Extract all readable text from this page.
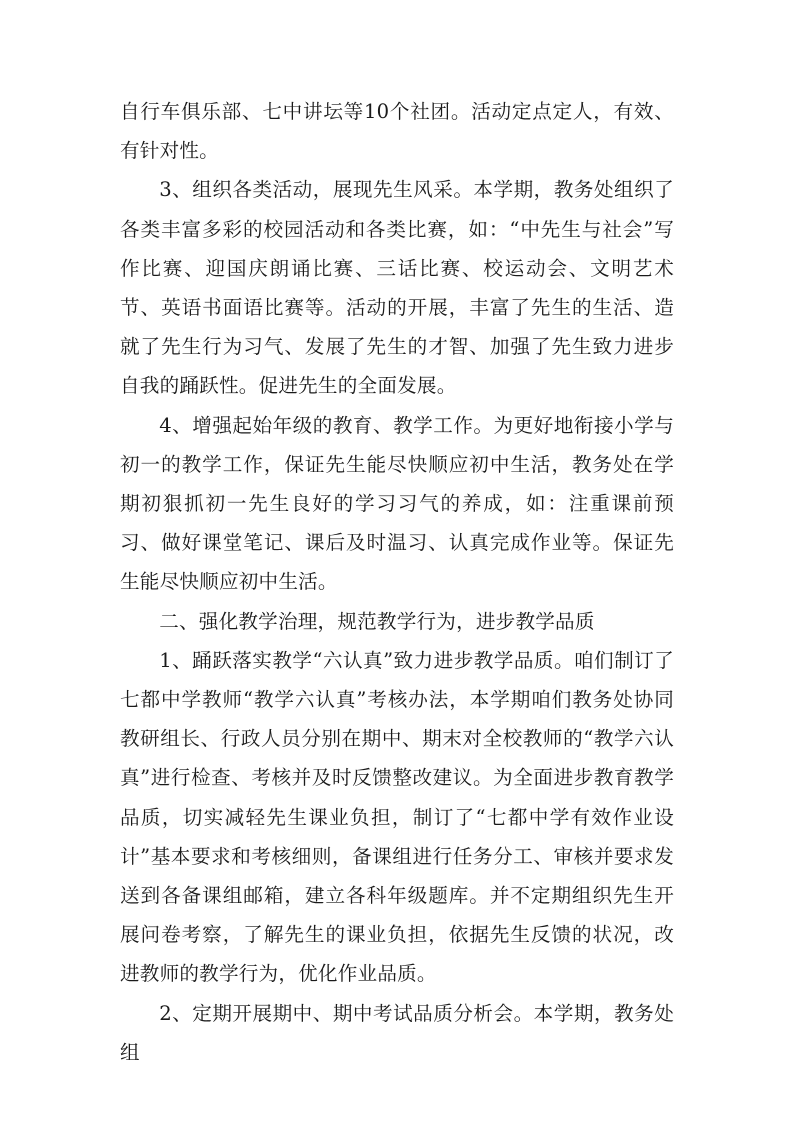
自行车俱乐部、七中讲坛等10个社团。活动定点定人，有效、有针对性。

3、组织各类活动，展现先生风采。本学期，教务处组织了各类丰富多彩的校园活动和各类比赛，如：“中先生与社会”写作比赛、迎国庆朗诵比赛、三话比赛、校运动会、文明艺术节、英语书面语比赛等。活动的开展，丰富了先生的生活、造就了先生行为习气、发展了先生的才智、加强了先生致力进步自我的踊跃性。促进先生的全面发展。

4、增强起始年级的教育、教学工作。为更好地衔接小学与初一的教学工作，保证先生能尽快顺应初中生活，教务处在学期初狠抓初一先生良好的学习习气的养成，如：注重课前预习、做好课堂笔记、课后及时温习、认真完成作业等。保证先生能尽快顺应初中生活。

二、强化教学治理，规范教学行为，进步教学品质

1、踊跃落实教学“六认真”致力进步教学品质。咱们制订了七都中学教师“教学六认真”考核办法，本学期咱们教务处协同教研组长、行政人员分别在期中、期末对全校教师的“教学六认真”进行检查、考核并及时反馈整改建议。为全面进步教育教学品质，切实减轻先生课业负担，制订了“七都中学有效作业设计”基本要求和考核细则，备课组进行任务分工、审核并要求发送到各备课组邮箱，建立各科年级题库。并不定期组织先生开展问卷考察，了解先生的课业负担，依据先生反馈的状况，改进教师的教学行为，优化作业品质。

2、定期开展期中、期中考试品质分析会。本学期，教务处组
